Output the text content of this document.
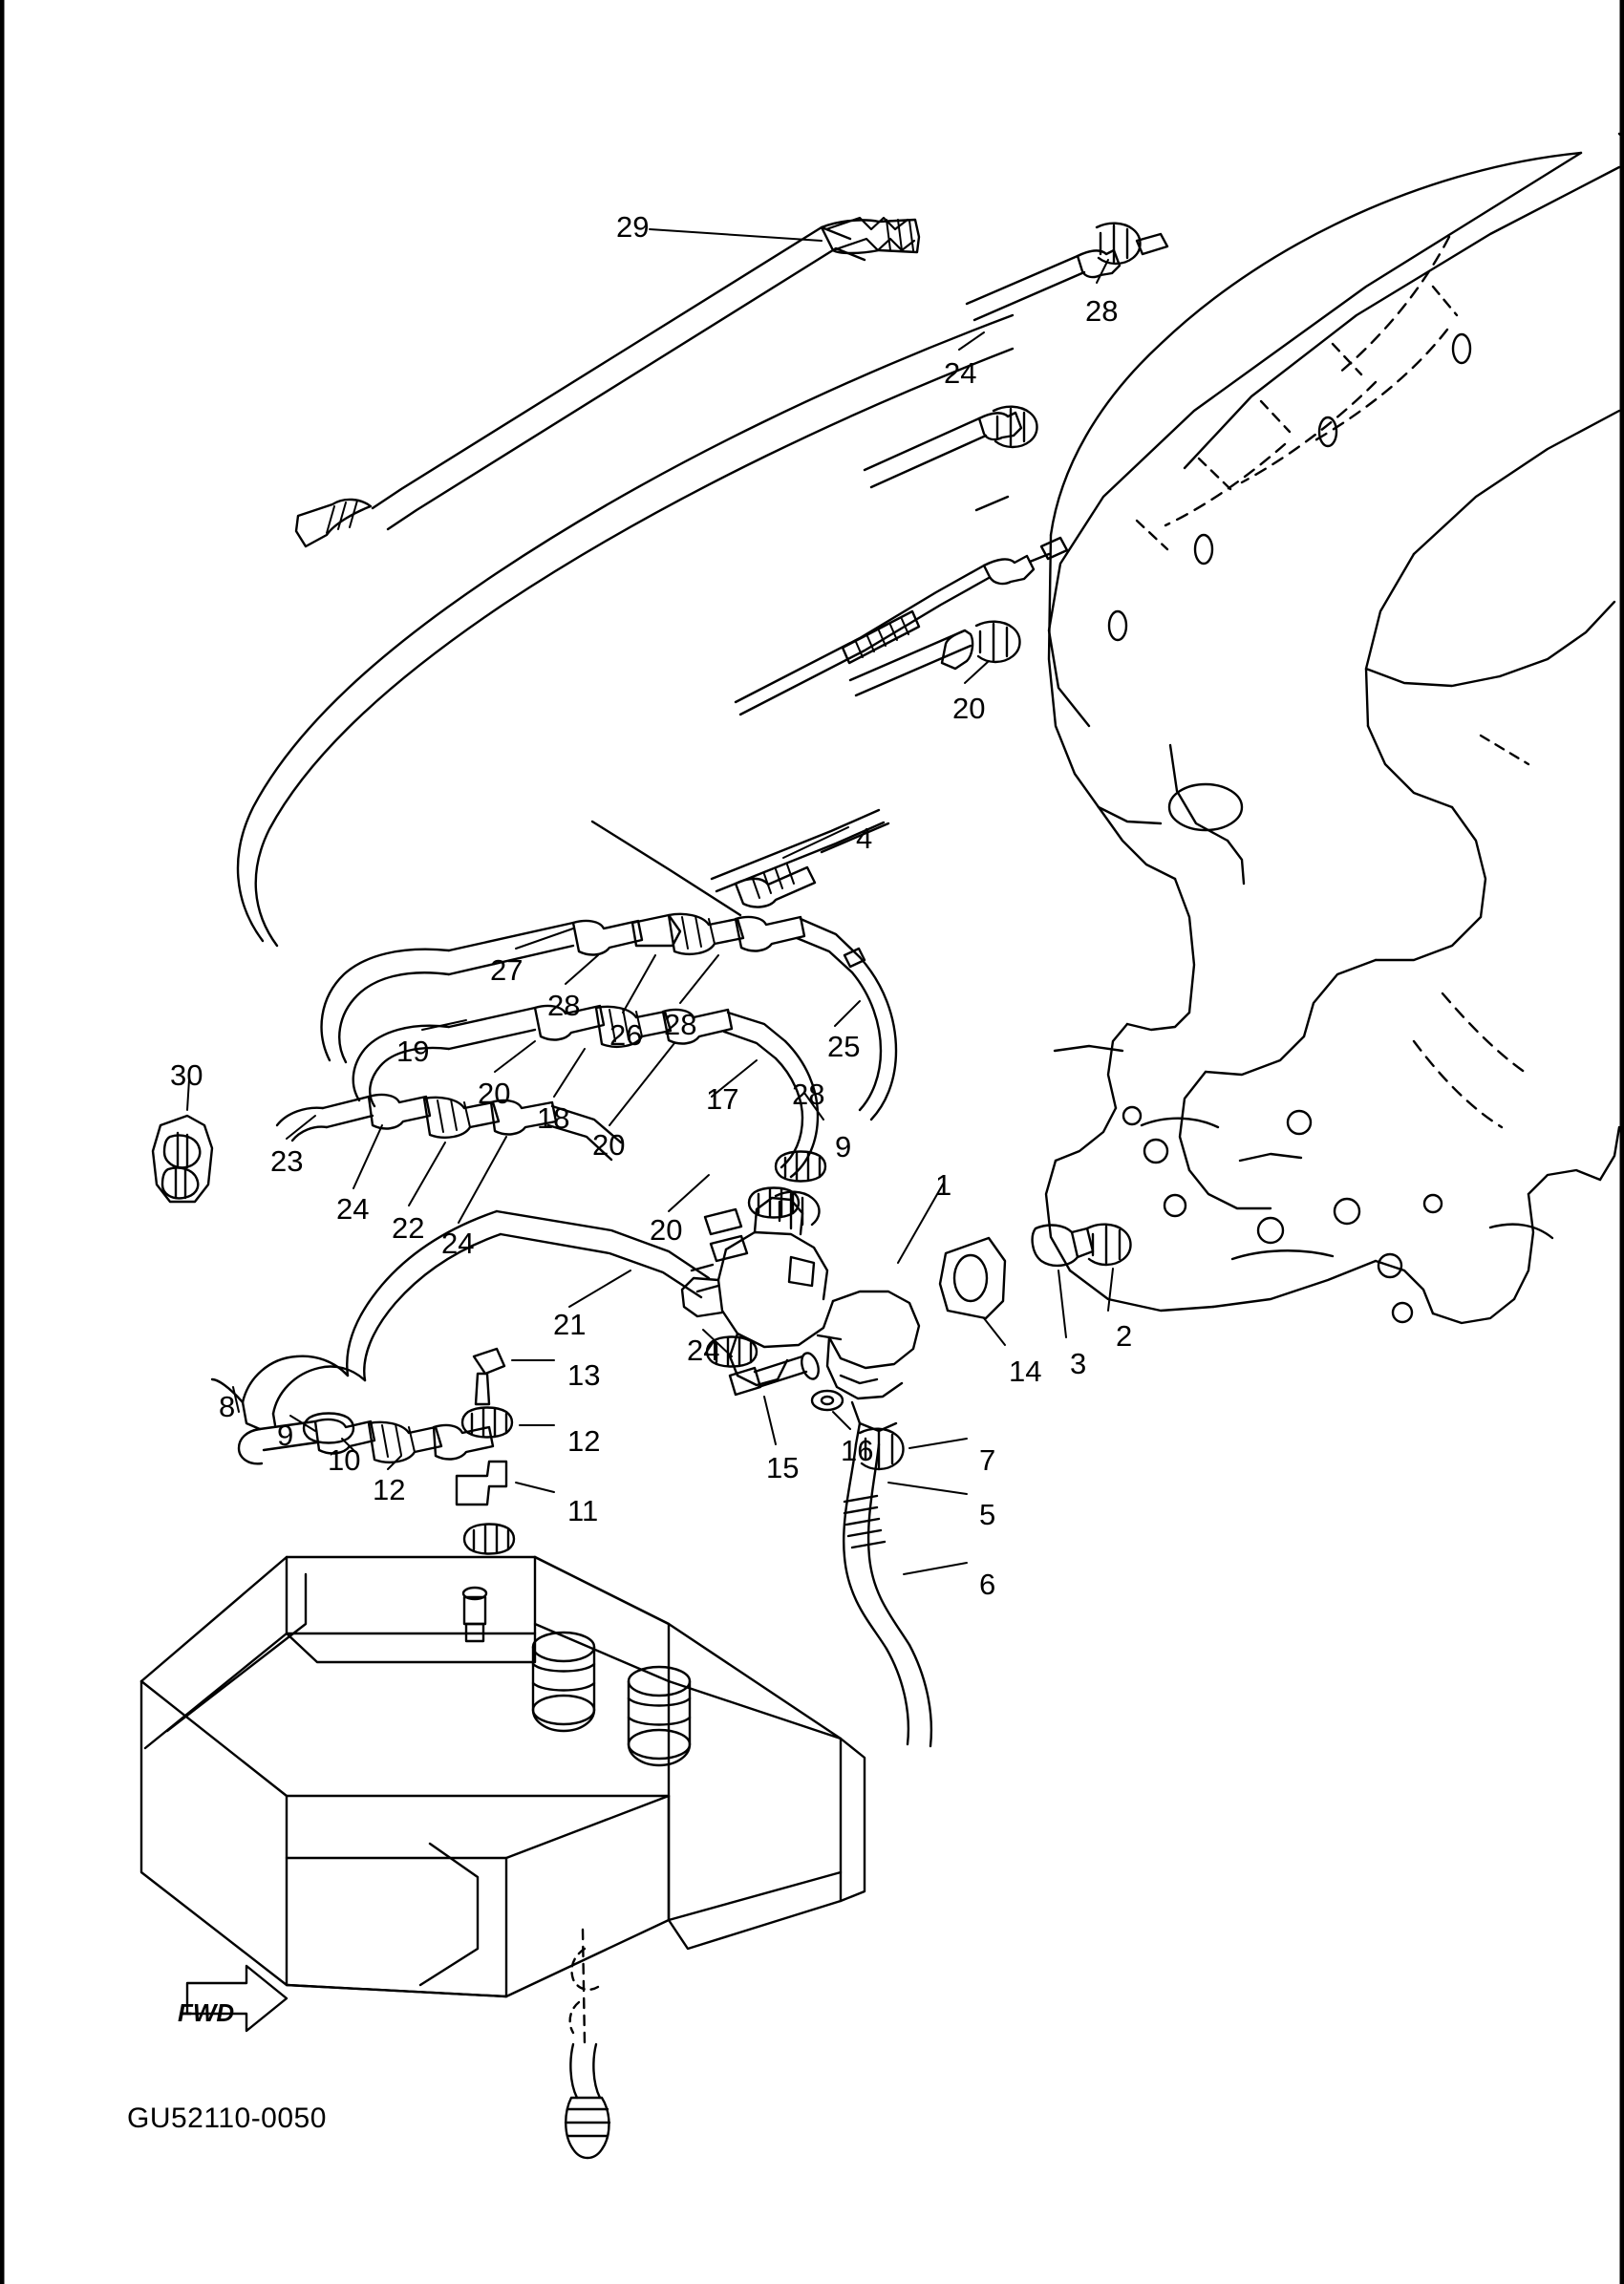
FWD
GU52110-0050
29
28
24
20
4
27
28
26 28
25
19
20
18
17 28
30
23
24
22 24
20
20
9
1
21
24	2
3
14
13
12
8
9
10
12
11
15
16	7
5
6
